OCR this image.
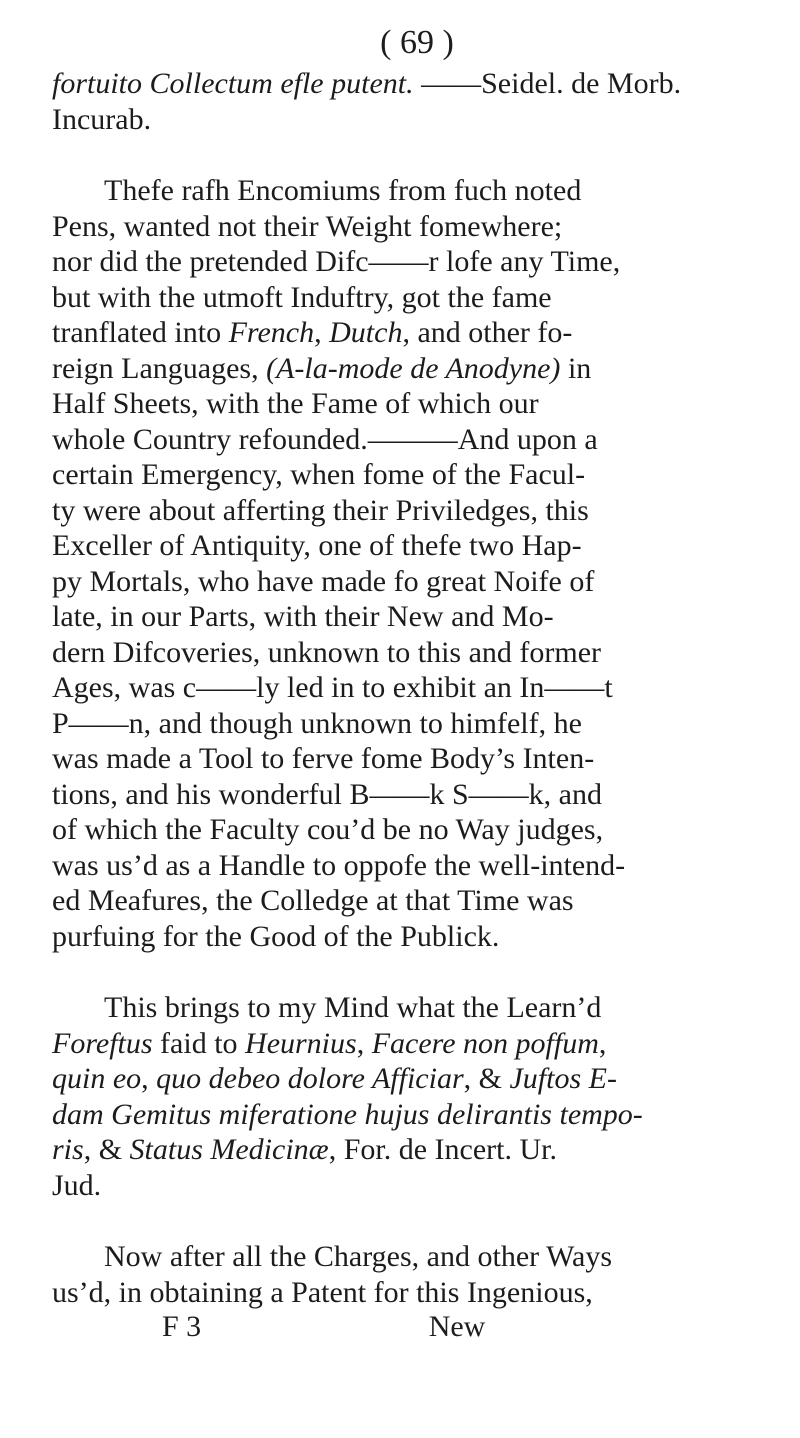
( 69 )
fortuito Collectum efle putent. ——Seidel. de Morb.
Incurab.
Thefe rafh Encomiums from fuch noted
Pens, wanted not their Weight fomewhere;
nor did the pretended Difc——r lofe any Time,
but with the utmoft Induftry, got the fame
tranflated into French, Dutch, and other fo-
reign Languages, (A-la-mode de Anodyne) in
Half Sheets, with the Fame of which our
whole Country refounded.———And upon a
certain Emergency, when fome of the Facul-
ty were about afferting their Priviledges, this
Exceller of Antiquity, one of thefe two Hap-
py Mortals, who have made fo great Noife of
late, in our Parts, with their New and Mo-
dern Difcoveries, unknown to this and former
Ages, was c——ly led in to exhibit an In——t
P——n, and though unknown to himfelf, he
was made a Tool to ferve fome Body’s Inten-
tions, and his wonderful B——k S——k, and
of which the Faculty cou’d be no Way judges,
was us’d as a Handle to oppofe the well-intend-
ed Meafures, the Colledge at that Time was
purfuing for the Good of the Publick.
This brings to my Mind what the Learn’d
Foreftus faid to Heurnius, Facere non poffum,
quin eo, quo debeo dolore Afficiar, & Juftos E-
dam Gemitus miferatione hujus delirantis tempo-
ris, & Status Medicinæ, For. de Incert. Ur.
Jud.
Now after all the Charges, and other Ways
us’d, in obtaining a Patent for this Ingenious,
F 3	New
